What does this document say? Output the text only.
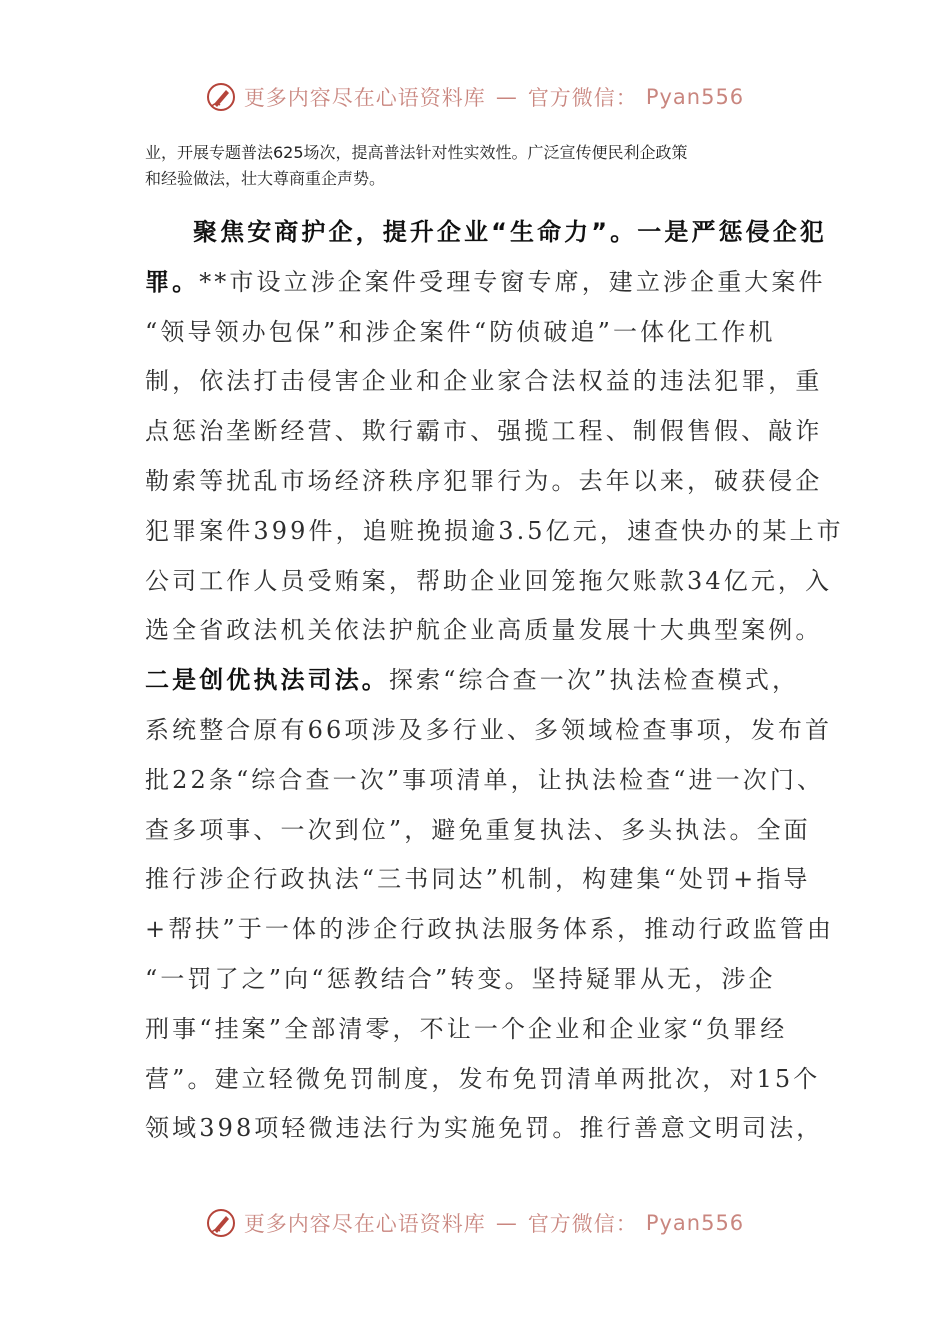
更多内容尽在心语资料库 — 官方微信： Pyan556

业，开展专题普法625场次，提高普法针对性实效性。广泛宣传便民利企政策

和经验做法，壮大尊商重企声势。

聚焦安商护企，提升企业“生命力”。一是严惩侵企犯
罪。**市设立涉企案件受理专窗专席，建立涉企重大案件
“领导领办包保”和涉企案件“防侦破追”一体化工作机
制，依法打击侵害企业和企业家合法权益的违法犯罪，重
点惩治垄断经营、欺行霸市、强揽工程、制假售假、敲诈
勒索等扰乱市场经济秩序犯罪行为。去年以来，破获侵企
犯罪案件399件，追赃挽损逾3.5亿元，速查快办的某上市
公司工作人员受贿案，帮助企业回笼拖欠账款34亿元，入
选全省政法机关依法护航企业高质量发展十大典型案例。
二是创优执法司法。探索“综合查一次”执法检查模式，
系统整合原有66项涉及多行业、多领域检查事项，发布首
批22条“综合查一次”事项清单，让执法检查“进一次门、
查多项事、一次到位”，避免重复执法、多头执法。全面
推行涉企行政执法“三书同达”机制，构建集“处罚+指导
+帮扶”于一体的涉企行政执法服务体系，推动行政监管由
“一罚了之”向“惩教结合”转变。坚持疑罪从无，涉企
刑事“挂案”全部清零，不让一个企业和企业家“负罪经
营”。建立轻微免罚制度，发布免罚清单两批次，对15个
领域398项轻微违法行为实施免罚。推行善意文明司法，
更多内容尽在心语资料库 — 官方微信： Pyan556
